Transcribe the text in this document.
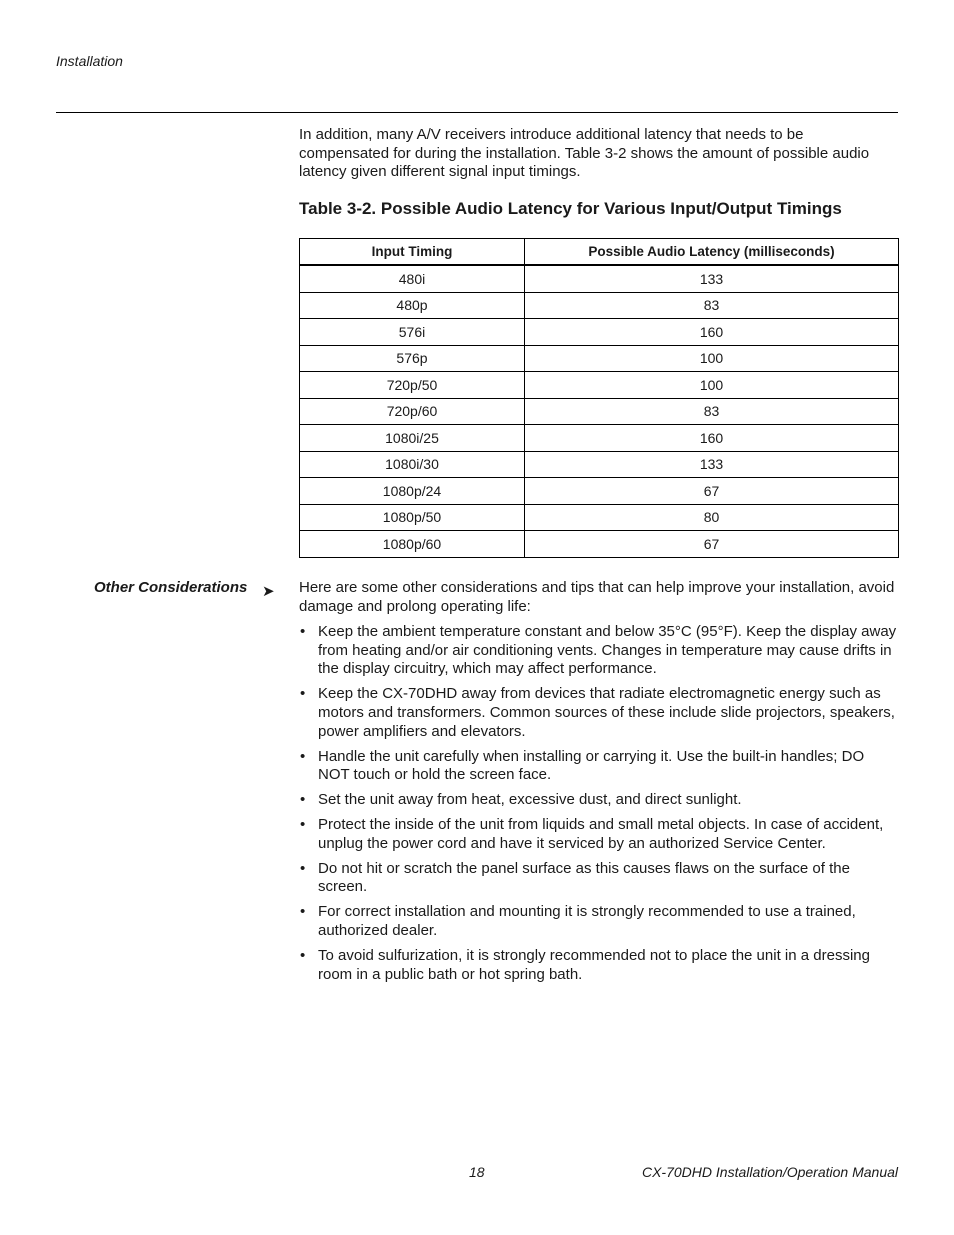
Installation

In addition, many A/V receivers introduce additional latency that needs to be compensated for during the installation. Table 3-2 shows the amount of possible audio latency given different signal input timings.

Table 3-2. Possible Audio Latency for Various Input/Output Timings
Input Timing	Possible Audio Latency (milliseconds)
480i	133
480p	83
576i	160
576p	100
720p/50	100
720p/60	83
1080i/25	160
1080i/30	133
1080p/24	67
1080p/50	80
1080p/60	67
Other Considerations ➤ Here are some other considerations and tips that can help improve your installation, avoid damage and prolong operating life:

• Keep the ambient temperature constant and below 35°C (95°F). Keep the display away from heating and/or air conditioning vents. Changes in temperature may cause drifts in the display circuitry, which may affect performance.
• Keep the CX-70DHD away from devices that radiate electromagnetic energy such as motors and transformers. Common sources of these include slide projectors, speakers, power amplifiers and elevators.
• Handle the unit carefully when installing or carrying it. Use the built-in handles; DO NOT touch or hold the screen face.
• Set the unit away from heat, excessive dust, and direct sunlight.
• Protect the inside of the unit from liquids and small metal objects. In case of accident, unplug the power cord and have it serviced by an authorized Service Center.
• Do not hit or scratch the panel surface as this causes flaws on the surface of the screen.
• For correct installation and mounting it is strongly recommended to use a trained, authorized dealer.
• To avoid sulfurization, it is strongly recommended not to place the unit in a dressing room in a public bath or hot spring bath.
18	CX-70DHD Installation/Operation Manual
